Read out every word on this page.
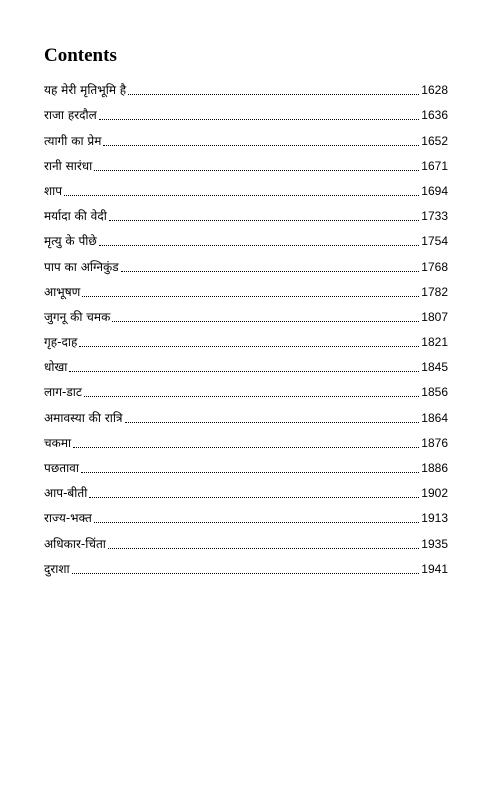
Contents
यह मेरी मृतिभूमि है	1628
राजा हरदौल	1636
त्यागी का प्रेम	1652
रानी सारंधा	1671
शाप	1694
मर्यादा की वेदी	1733
मृत्यु के पीछे	1754
पाप का अग्निकुंड	1768
आभूषण	1782
जुगनू की चमक	1807
गृह-दाह	1821
धोखा	1845
लाग-डाट	1856
अमावस्या की रात्रि	1864
चकमा	1876
पछतावा	1886
आप-बीती	1902
राज्य-भक्त	1913
अधिकार-चिंता	1935
दुराशा	1941
